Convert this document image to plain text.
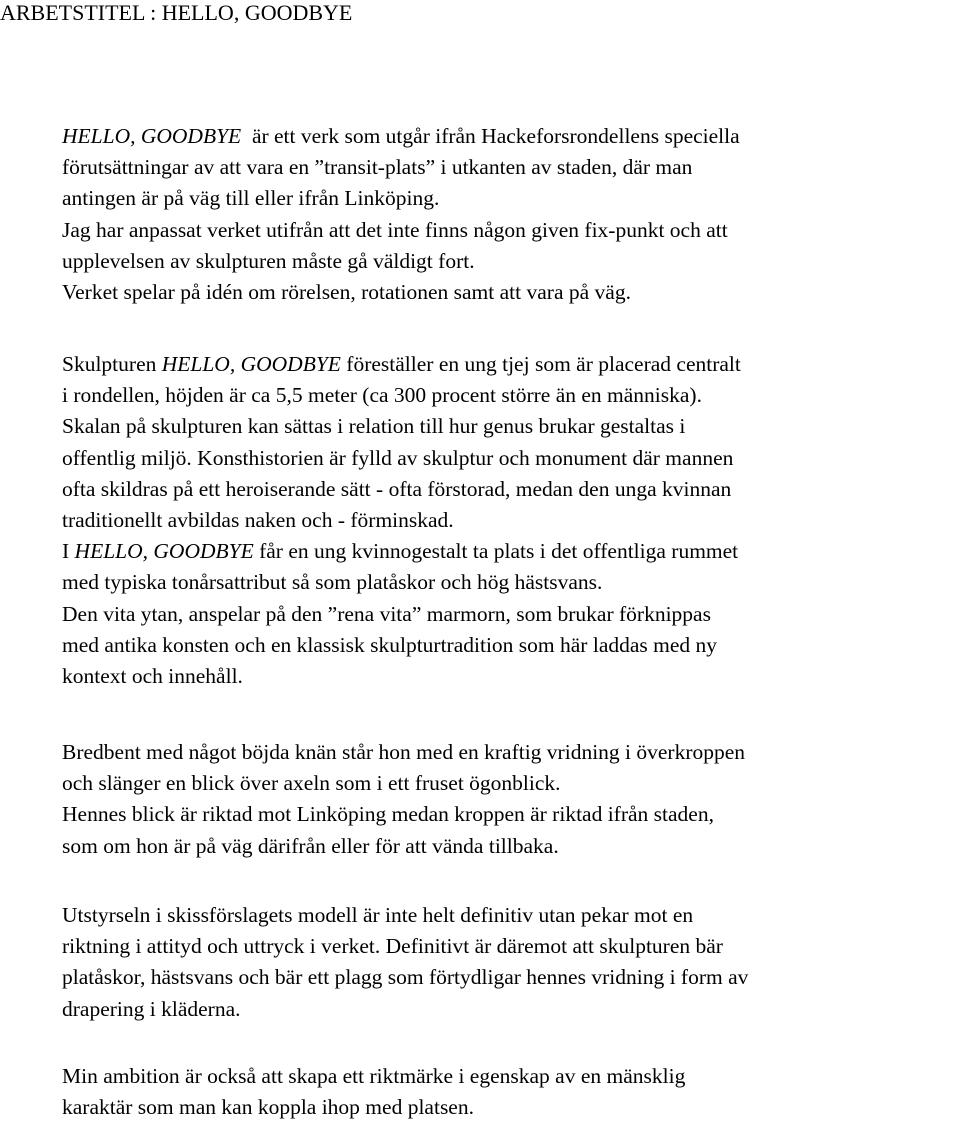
ARBETSTITEL : HELLO, GOODBYE
HELLO, GOODBYE  är ett verk som utgår ifrån Hackeforsrondellens speciella
förutsättningar av att vara en ”transit-plats” i utkanten av staden, där man
antingen är på väg till eller ifrån Linköping.
Jag har anpassat verket utifrån att det inte finns någon given fix-punkt och att
upplevelsen av skulpturen måste gå väldigt fort.
Verket spelar på idén om rörelsen, rotationen samt att vara på väg.
Skulpturen HELLO, GOODBYE föreställer en ung tjej som är placerad centralt
i rondellen, höjden är ca 5,5 meter (ca 300 procent större än en människa).
Skalan på skulpturen kan sättas i relation till hur genus brukar gestaltas i
offentlig miljö. Konsthistorien är fylld av skulptur och monument där mannen
ofta skildras på ett heroiserande sätt - ofta förstorad, medan den unga kvinnan
traditionellt avbildas naken och - förminskad.
I HELLO, GOODBYE får en ung kvinnogestalt ta plats i det offentliga rummet
med typiska tonårsattribut så som platåskor och hög hästsvans.
Den vita ytan, anspelar på den ”rena vita” marmorn, som brukar förknippas
med antika konsten och en klassisk skulpturtradition som här laddas med ny
kontext och innehåll.
Bredbent med något böjda knän står hon med en kraftig vridning i överkroppen
och slänger en blick över axeln som i ett fruset ögonblick.
Hennes blick är riktad mot Linköping medan kroppen är riktad ifrån staden,
som om hon är på väg därifrån eller för att vända tillbaka.
Utstyrseln i skissförslagets modell är inte helt definitiv utan pekar mot en
riktning i attityd och uttryck i verket. Definitivt är däremot att skulpturen bär
platåskor, hästsvans och bär ett plagg som förtydligar hennes vridning i form av
drapering i kläderna.
Min ambition är också att skapa ett riktmärke i egenskap av en mänsklig
karaktär som man kan koppla ihop med platsen.
